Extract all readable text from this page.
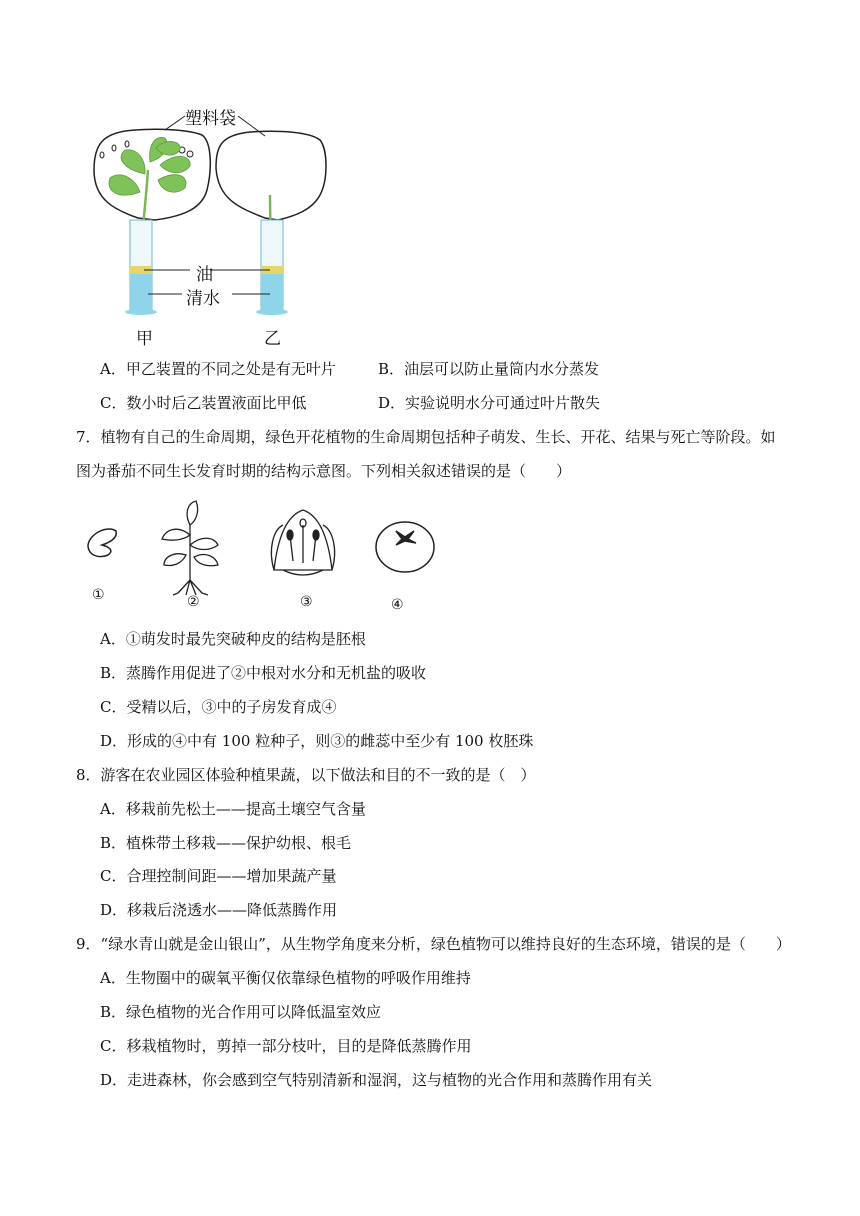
塑料袋
油
清水
甲	乙
A．甲乙装置的不同之处是有无叶片	B．油层可以防止量筒内水分蒸发
C．数小时后乙装置液面比甲低	D．实验说明水分可通过叶片散失
7．植物有自己的生命周期，绿色开花植物的生命周期包括种子萌发、生长、开花、结果与死亡等阶段。如
图为番茄不同生长发育时期的结构示意图。下列相关叙述错误的是（　　）
①	②	③	④
A．①萌发时最先突破种皮的结构是胚根
B．蒸腾作用促进了②中根对水分和无机盐的吸收
C．受精以后，③中的子房发育成④
D．形成的④中有 100 粒种子，则③的雌蕊中至少有 100 枚胚珠
8．游客在农业园区体验种植果蔬，以下做法和目的不一致的是（　）
A．移栽前先松土——提高土壤空气含量
B．植株带土移栽——保护幼根、根毛
C．合理控制间距——增加果蔬产量
D．移栽后浇透水——降低蒸腾作用
9．“绿水青山就是金山银山”，从生物学角度来分析，绿色植物可以维持良好的生态环境，错误的是（　　）
A．生物圈中的碳氧平衡仅依靠绿色植物的呼吸作用维持
B．绿色植物的光合作用可以降低温室效应
C．移栽植物时，剪掉一部分枝叶，目的是降低蒸腾作用
D．走进森林，你会感到空气特别清新和湿润，这与植物的光合作用和蒸腾作用有关
